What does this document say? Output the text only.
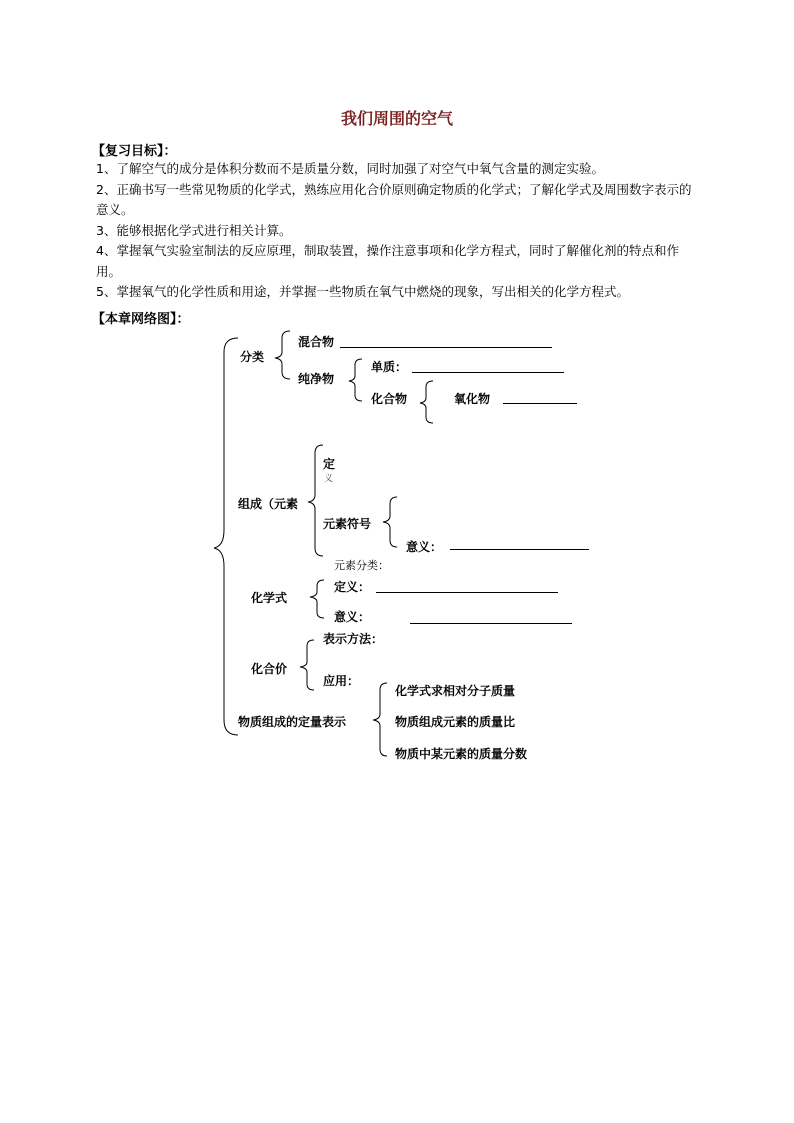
我们周围的空气
【复习目标】：
1、了解空气的成分是体积分数而不是质量分数，同时加强了对空气中氧气含量的测定实验。
2、正确书写一些常见物质的化学式，熟练应用化合价原则确定物质的化学式；了解化学式及周围数字表示的意义。
3、能够根据化学式进行相关计算。
4、掌握氧气实验室制法的反应原理，制取装置，操作注意事项和化学方程式，同时了解催化剂的特点和作用。
5、掌握氧气的化学性质和用途，并掌握一些物质在氧气中燃烧的现象，写出相关的化学方程式。
【本章网络图】：
分类
混合物
纯净物
单质：
化合物	氧化物
定
义
组成（元素
元素符号
意义：
元素分类：
化学式
定义：
意义：
表示方法：
化合价
应用：
物质组成的定量表示
化学式求相对分子质量
物质组成元素的质量比
物质中某元素的质量分数
